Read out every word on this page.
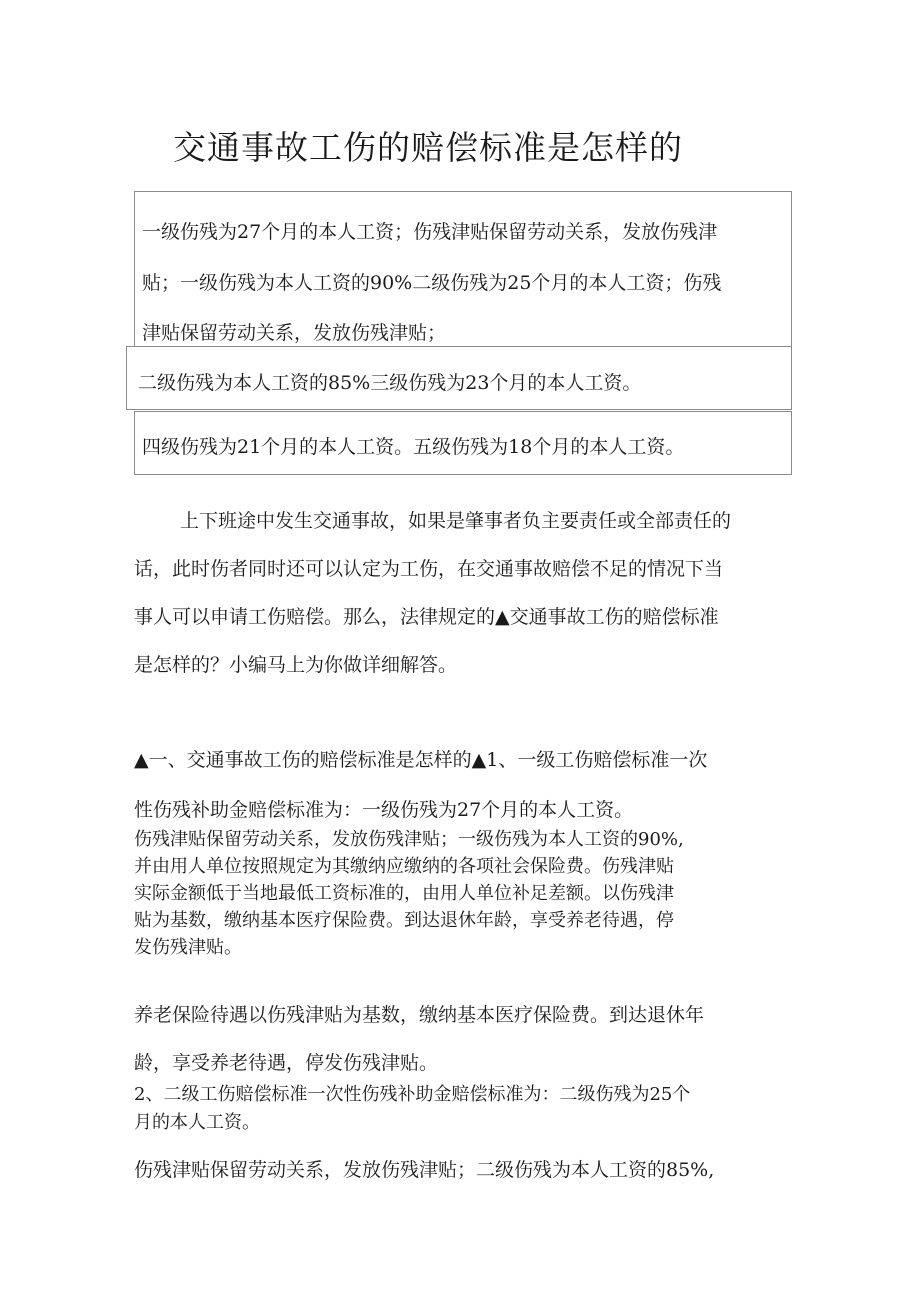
交通事故工伤的赔偿标准是怎样的
一级伤残为27个月的本人工资；伤残津贴保留劳动关系，发放伤残津
贴；一级伤残为本人工资的90%二级伤残为25个月的本人工资；伤残
津贴保留劳动关系，发放伤残津贴；
二级伤残为本人工资的85%三级伤残为23个月的本人工资。
四级伤残为21个月的本人工资。五级伤残为18个月的本人工资。
上下班途中发生交通事故，如果是肇事者负主要责任或全部责任的
话，此时伤者同时还可以认定为工伤，在交通事故赔偿不足的情况下当
事人可以申请工伤赔偿。那么，法律规定的▲交通事故工伤的赔偿标准
是怎样的？小编马上为你做详细解答。
▲一、交通事故工伤的赔偿标准是怎样的▲1、一级工伤赔偿标准一次
性伤残补助金赔偿标准为：一级伤残为27个月的本人工资。
伤残津贴保留劳动关系，发放伤残津贴；一级伤残为本人工资的90%,
并由用人单位按照规定为其缴纳应缴纳的各项社会保险费。伤残津贴
实际金额低于当地最低工资标准的，由用人单位补足差额。以伤残津
贴为基数，缴纳基本医疗保险费。到达退休年龄，享受养老待遇，停
发伤残津贴。
养老保险待遇以伤残津贴为基数，缴纳基本医疗保险费。到达退休年
龄，享受养老待遇，停发伤残津贴。
2、二级工伤赔偿标准一次性伤残补助金赔偿标准为：二级伤残为25个
月的本人工资。
伤残津贴保留劳动关系，发放伤残津贴；二级伤残为本人工资的85%,
